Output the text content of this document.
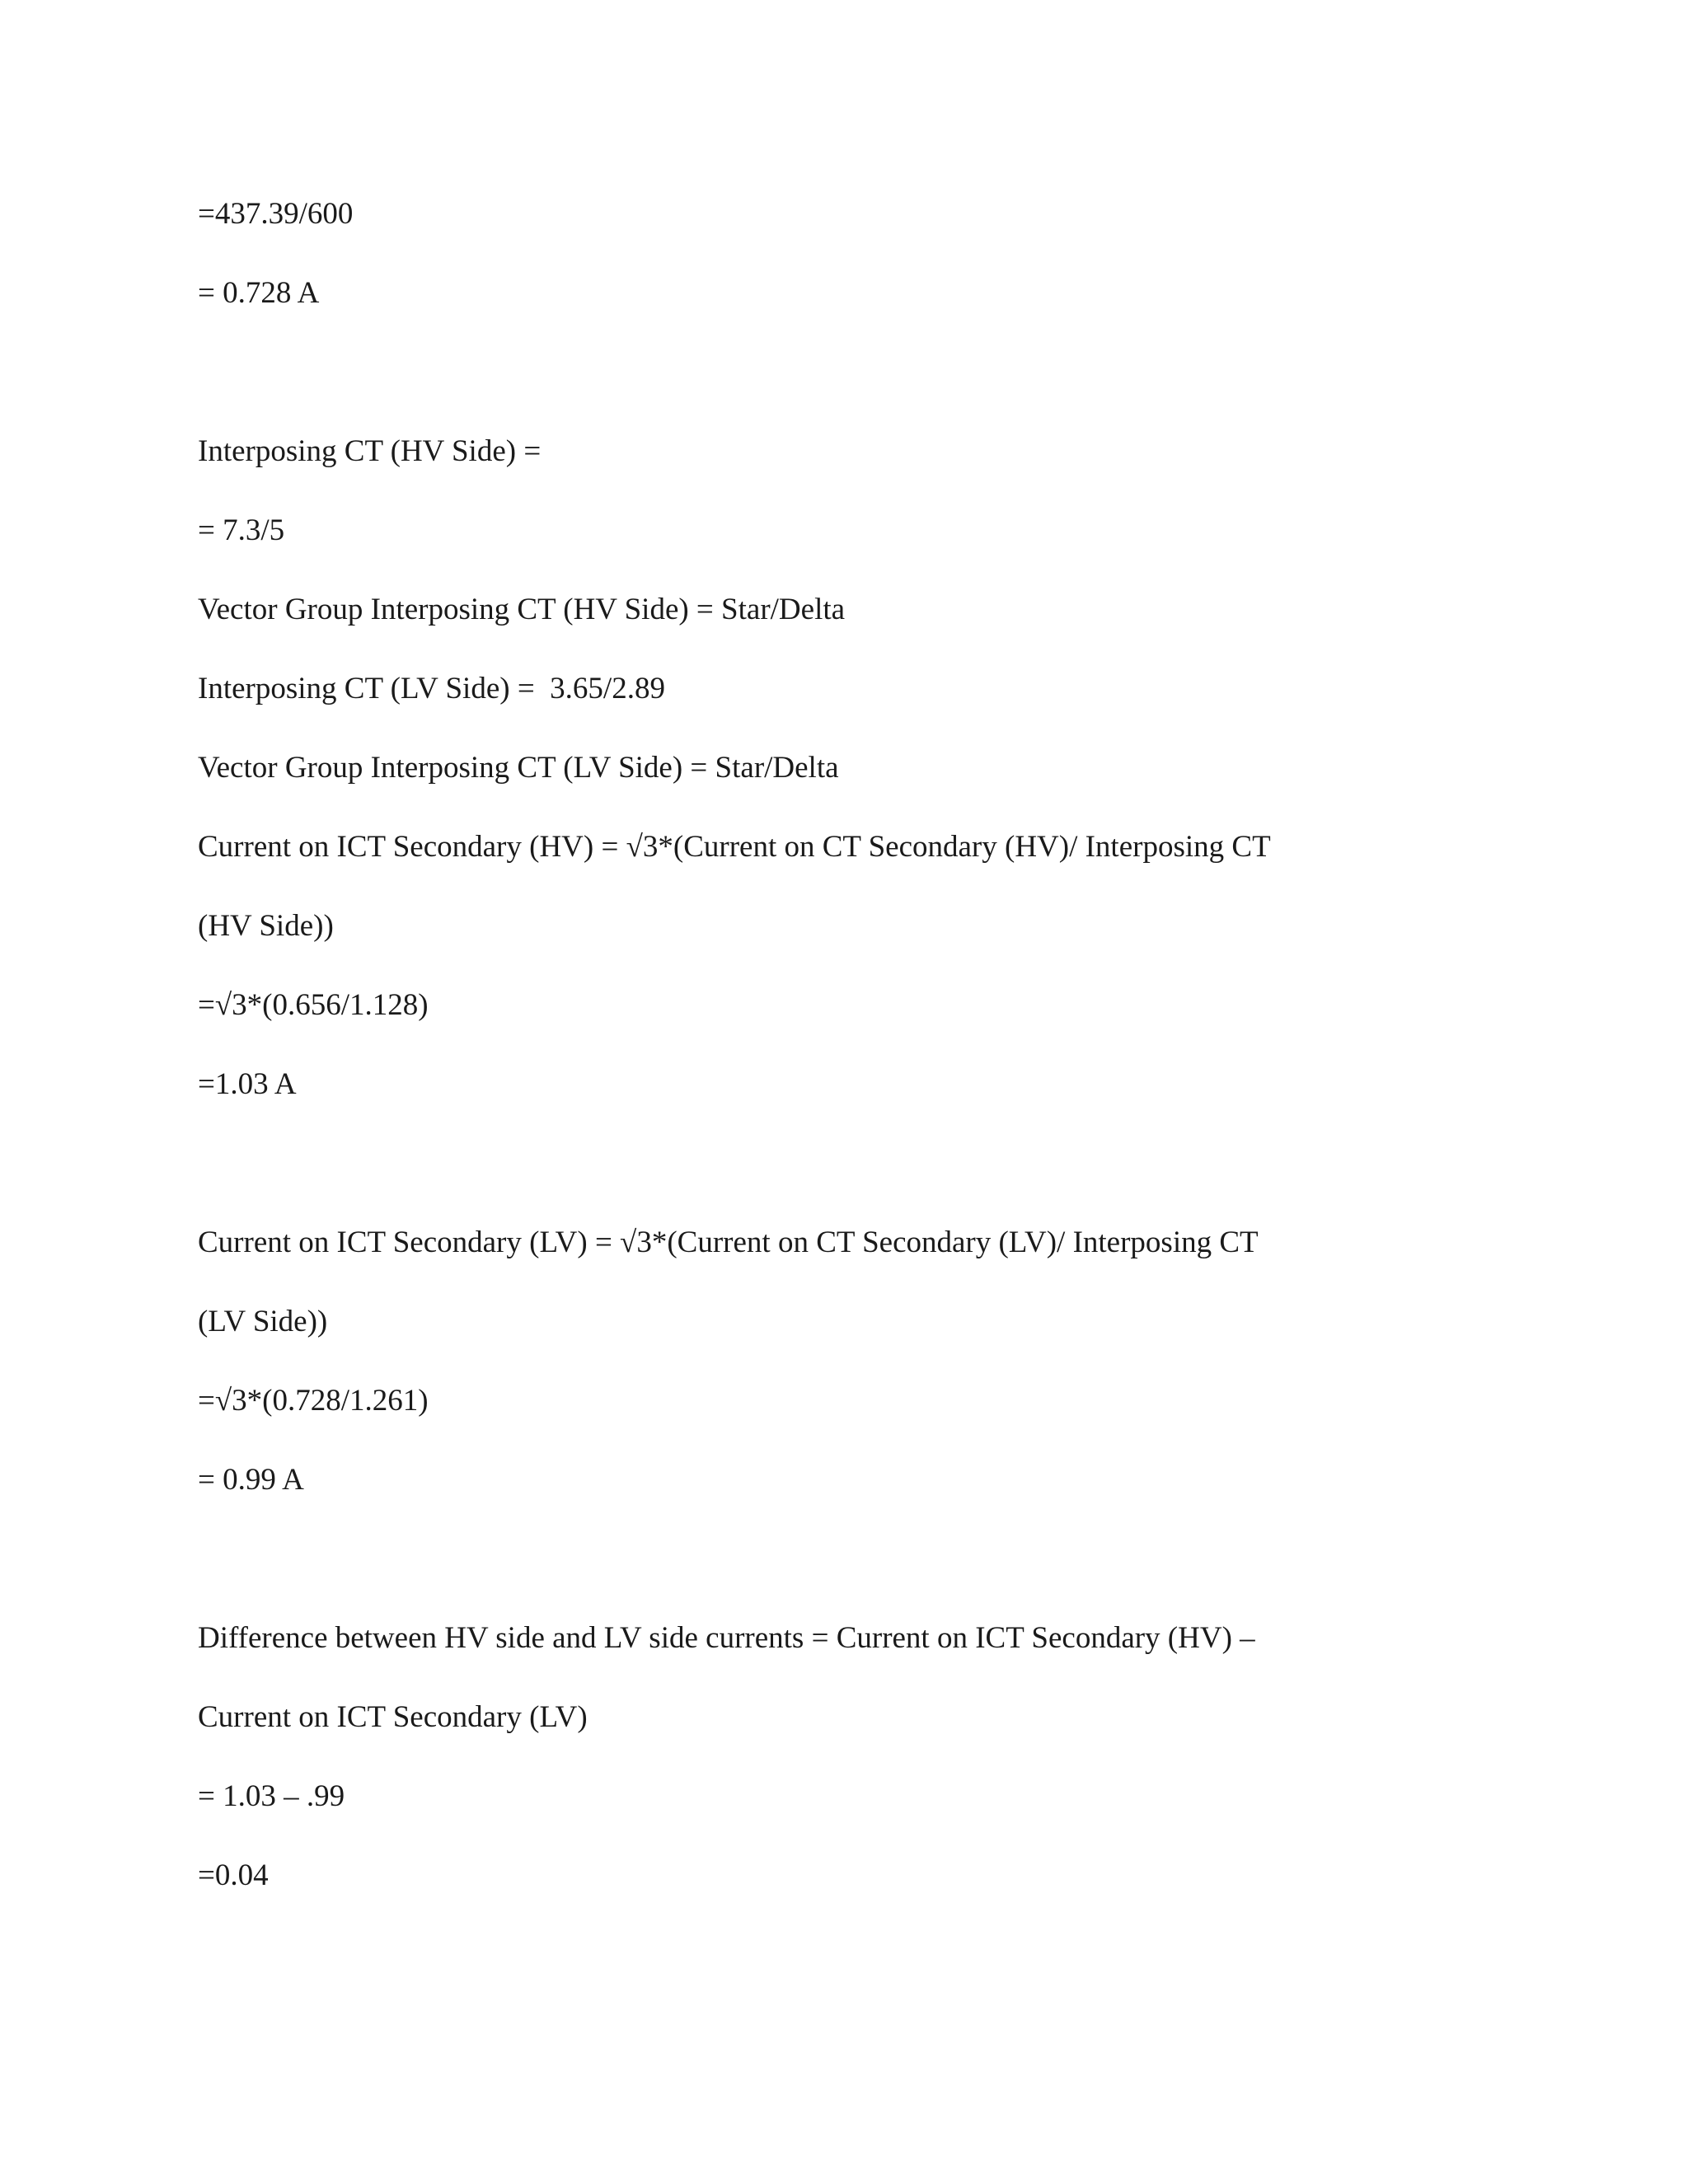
=437.39/600
= 0.728 A
Interposing CT (HV Side) =
= 7.3/5
Vector Group Interposing CT (HV Side) = Star/Delta
Interposing CT (LV Side) =  3.65/2.89
Vector Group Interposing CT (LV Side) = Star/Delta
Current on ICT Secondary (HV) = √3*(Current on CT Secondary (HV)/ Interposing CT
(HV Side))
=√3*(0.656/1.128)
=1.03 A
Current on ICT Secondary (LV) = √3*(Current on CT Secondary (LV)/ Interposing CT
(LV Side))
=√3*(0.728/1.261)
= 0.99 A
Difference between HV side and LV side currents = Current on ICT Secondary (HV) –
Current on ICT Secondary (LV)
= 1.03 – .99
=0.04
